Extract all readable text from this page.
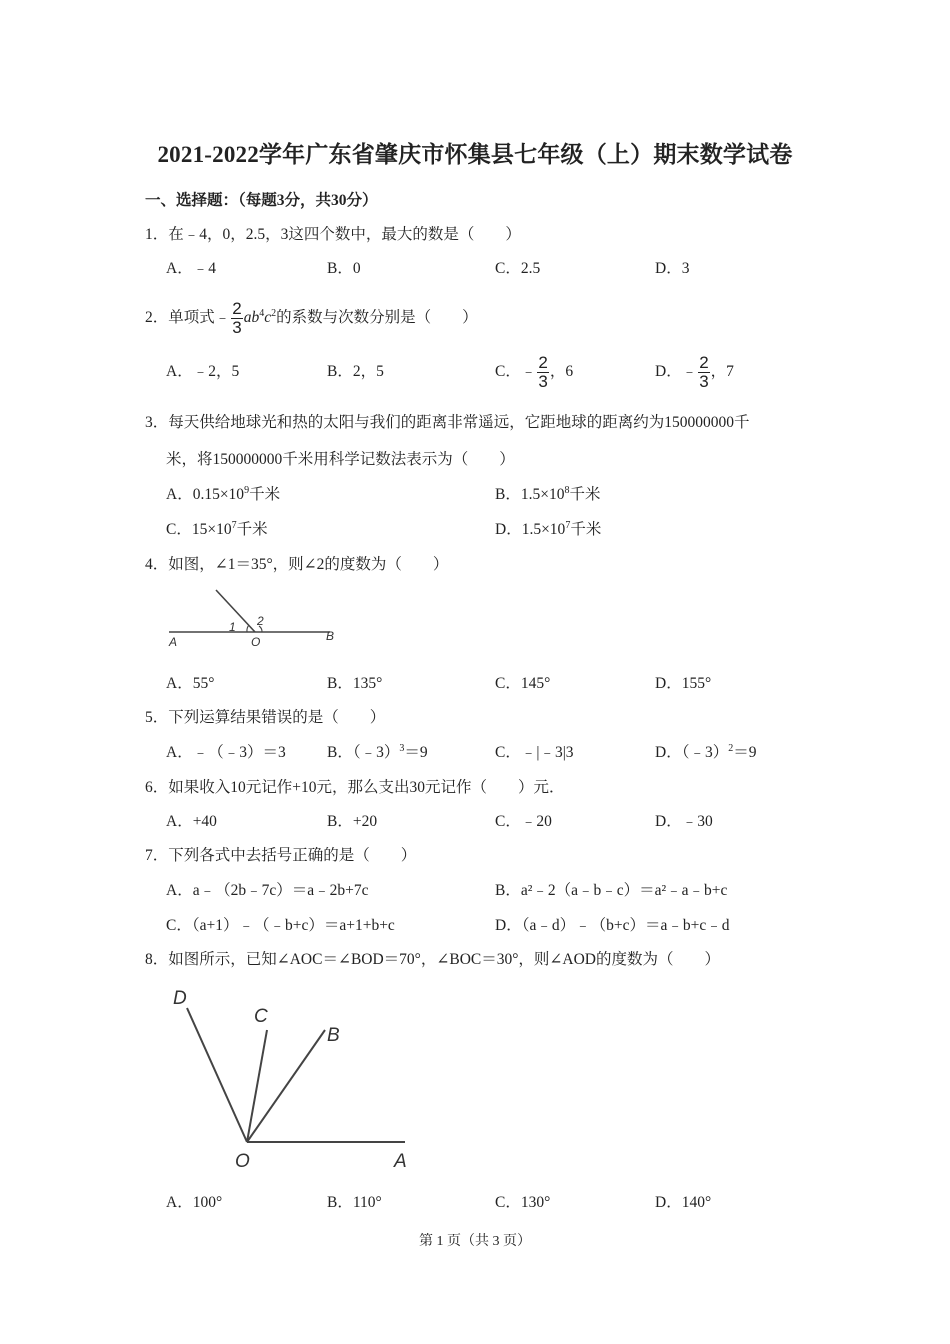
2021-2022学年广东省肇庆市怀集县七年级（上）期末数学试卷
一、选择题：（每题3分，共30分）
1．在﹣4，0，2.5，3这四个数中，最大的数是（　　）
A．﹣4	B．0	C．2.5	D．3
2．单项式﹣ $\frac{2}{3} ab^4c^2$的系数与次数分别是（　　）
A．﹣2，5	B．2，5	C．﹣ $\frac{2}{3}$ ，6	D．﹣ $\frac{2}{3}$ ，7
3．每天供给地球光和热的太阳与我们的距离非常遥远，它距地球的距离约为150000000千
米，将150000000千米用科学记数法表示为（　　）
A．$0.15\times 10^9$千米	B．$1.5\times 10^8$千米
C．$15\times 10^7$千米	D．$1.5\times 10^7$千米
4．如图，∠1＝35°，则∠2的度数为（　　）
A
1 2
O	B
A．55°	B．135°	C．145°	D．155°
5．下列运算结果错误的是（　　）
A．﹣（﹣3）＝3	B．（﹣3）$^3$＝9	C．﹣|﹣3|3	D．（﹣3）$^2$＝9
6．如果收入10元记作+10元，那么支出30元记作（　　）元．
A．+40	B．+20	C．﹣20	D．﹣30
7．下列各式中去括号正确的是（　　）
A．a﹣（2b﹣7c）＝a﹣2b+7c	B．a²﹣2（a﹣b﹣c）＝a²﹣a﹣b+c
C．（a+1）﹣（﹣b+c）＝a+1+b+c	D．（a﹣d）﹣（b+c）＝a﹣b+c﹣d
8．如图所示，已知∠AOC＝∠BOD＝70°，∠BOC＝30°，则∠AOD的度数为（　　）
D
C
B
O	A
A．100°	B．110°	C．130°	D．140°
第 1 页（共 3 页）
